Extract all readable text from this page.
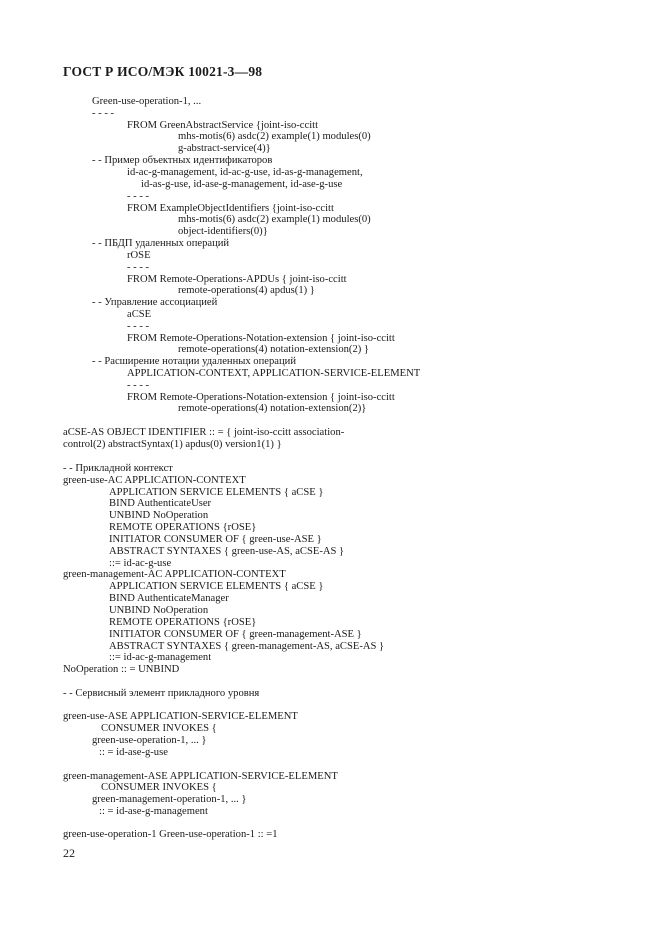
ГОСТ Р ИСО/МЭК 10021-3—98
Green-use-operation-1, ...
- - - -
FROM GreenAbstractService {joint-iso-ccitt
mhs-motis(6) asdc(2) example(1) modules(0)
g-abstract-service(4)}
- - Пример объектных идентификаторов
id-ac-g-management, id-ac-g-use, id-as-g-management,
id-as-g-use, id-ase-g-management, id-ase-g-use
- - - -
FROM ExampleObjectIdentifiers {joint-iso-ccitt
mhs-motis(6) asdc(2) example(1) modules(0)
object-identifiers(0)}
- - ПБДП удаленных операций
rOSE
- - - -
FROM Remote-Operations-APDUs { joint-iso-ccitt
remote-operations(4) apdus(1) }
- - Управление ассоциацией
aCSE
- - - -
FROM Remote-Operations-Notation-extension { joint-iso-ccitt
remote-operations(4) notation-extension(2) }
- - Расширение нотации удаленных операций
APPLICATION-CONTEXT, APPLICATION-SERVICE-ELEMENT
- - - -
FROM Remote-Operations-Notation-extension { joint-iso-ccitt
remote-operations(4) notation-extension(2)}
aCSE-AS OBJECT IDENTIFIER :: = { joint-iso-ccitt association-
control(2) abstractSyntax(1) apdus(0) version1(1) }
- - Прикладной контекст
green-use-AC APPLICATION-CONTEXT
APPLICATION SERVICE ELEMENTS { aCSE }
BIND AuthenticateUser
UNBIND NoOperation
REMOTE OPERATIONS {rOSE}
INITIATOR CONSUMER OF { green-use-ASE }
ABSTRACT SYNTAXES { green-use-AS, aCSE-AS }
::= id-ac-g-use
green-management-AC APPLICATION-CONTEXT
APPLICATION SERVICE ELEMENTS { aCSE }
BIND AuthenticateManager
UNBIND NoOperation
REMOTE OPERATIONS {rOSE}
INITIATOR CONSUMER OF { green-management-ASE }
ABSTRACT SYNTAXES { green-management-AS, aCSE-AS }
::= id-ac-g-management
NoOperation :: = UNBIND
- - Сервисный элемент прикладного уровня
green-use-ASE APPLICATION-SERVICE-ELEMENT
CONSUMER INVOKES {
green-use-operation-1, ... }
:: = id-ase-g-use
green-management-ASE APPLICATION-SERVICE-ELEMENT
CONSUMER INVOKES {
green-management-operation-1, ... }
:: = id-ase-g-management
green-use-operation-1 Green-use-operation-1 :: =1
22
